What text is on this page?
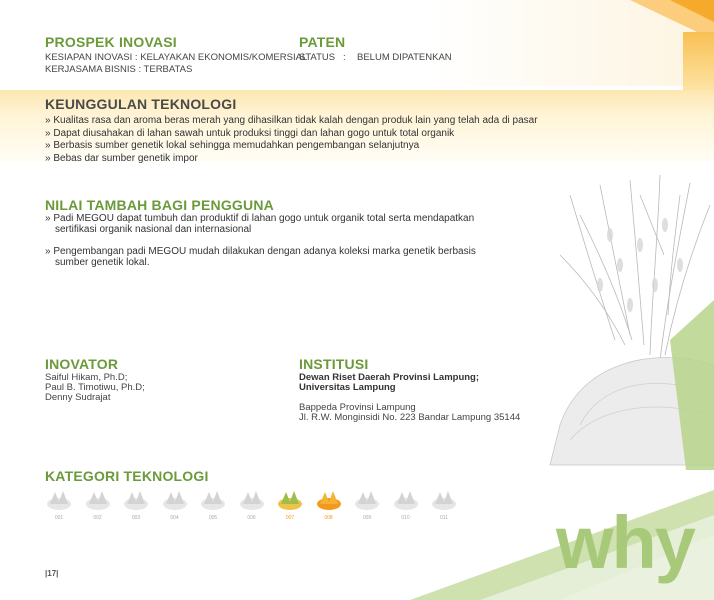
PROSPEK INOVASI
KESIAPAN INOVASI : KELAYAKAN EKONOMIS/KOMERSIAL
KERJASAMA BISNIS : TERBATAS
PATEN
STATUS : BELUM DIPATENKAN
KEUNGGULAN TEKNOLOGI
» Kualitas rasa dan aroma beras merah yang dihasilkan tidak kalah dengan produk lain yang telah ada di pasar
» Dapat diusahakan di lahan sawah untuk produksi tinggi dan lahan gogo untuk total organik
» Berbasis sumber genetik lokal sehingga memudahkan pengembangan selanjutnya
» Bebas dar sumber genetik impor
NILAI TAMBAH BAGI PENGGUNA
» Padi MEGOU dapat tumbuh dan produktif di lahan gogo untuk organik total serta mendapatkan
sertifikasi organik nasional dan internasional
» Pengembangan padi MEGOU mudah dilakukan dengan adanya koleksi marka genetik berbasis
sumber genetik lokal.
INOVATOR
Saiful Hikam, Ph.D;
Paul B. Timotiwu, Ph.D;
Denny Sudrajat
INSTITUSI
Dewan Riset Daerah Provinsi Lampung;
Universitas Lampung
Bappeda Provinsi Lampung
Jl. R.W. Monginsidi No. 223 Bandar Lampung 35144
KATEGORI TEKNOLOGI
001	002	003	004	005	006	007	008	009	010	011
|17|	why
